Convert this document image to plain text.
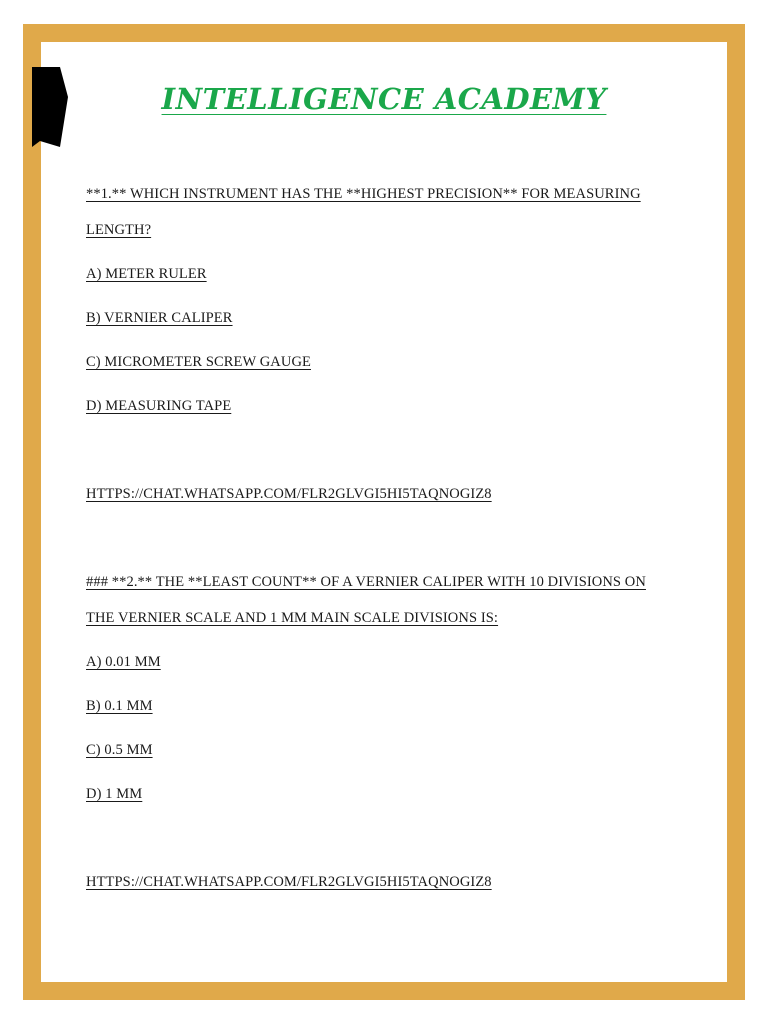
INTELLIGENCE ACADEMY
**1.** WHICH INSTRUMENT HAS THE **HIGHEST PRECISION** FOR MEASURING
LENGTH?
A) METER RULER
B) VERNIER CALIPER
C) MICROMETER SCREW GAUGE
D) MEASURING TAPE
HTTPS://CHAT.WHATSAPP.COM/FLR2GLVGI5HI5TAQNOGIZ8
### **2.** THE **LEAST COUNT** OF A VERNIER CALIPER WITH 10 DIVISIONS ON
THE VERNIER SCALE AND 1 MM MAIN SCALE DIVISIONS IS:
A) 0.01 MM
B) 0.1 MM
C) 0.5 MM
D) 1 MM
HTTPS://CHAT.WHATSAPP.COM/FLR2GLVGI5HI5TAQNOGIZ8
